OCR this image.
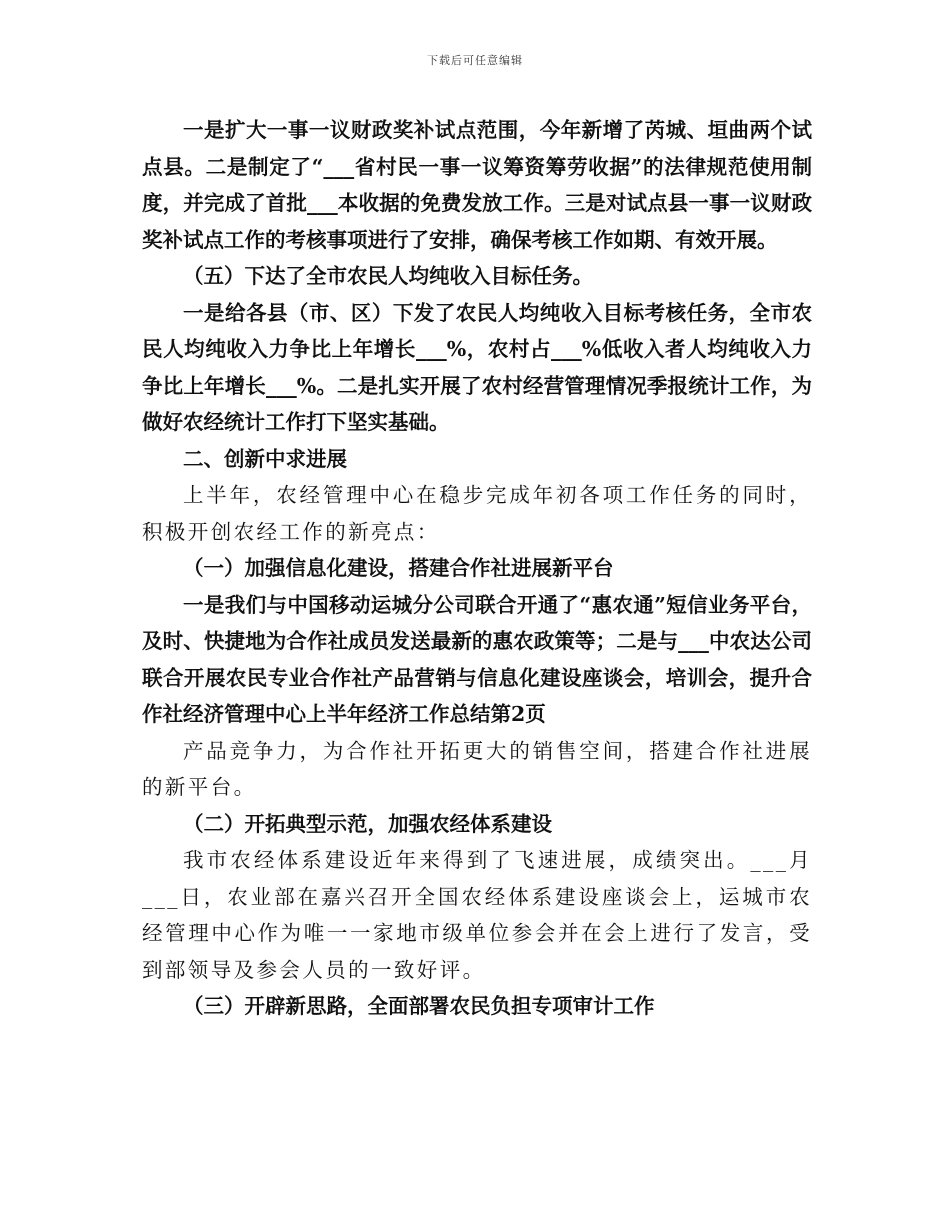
下载后可任意编辑

一是扩大一事一议财政奖补试点范围，今年新增了芮城、垣曲两个试点县。二是制定了“___省村民一事一议筹资筹劳收据”的法律规范使用制度，并完成了首批___本收据的免费发放工作。三是对试点县一事一议财政奖补试点工作的考核事项进行了安排，确保考核工作如期、有效开展。

（五）下达了全市农民人均纯收入目标任务。

一是给各县（市、区）下发了农民人均纯收入目标考核任务，全市农民人均纯收入力争比上年增长___%，农村占___%低收入者人均纯收入力争比上年增长___%。二是扎实开展了农村经营管理情况季报统计工作，为做好农经统计工作打下坚实基础。

二、创新中求进展

上半年，农经管理中心在稳步完成年初各项工作任务的同时，积极开创农经工作的新亮点：

（一）加强信息化建设，搭建合作社进展新平台

一是我们与中国移动运城分公司联合开通了“惠农通”短信业务平台，及时、快捷地为合作社成员发送最新的惠农政策等；二是与___中农达公司联合开展农民专业合作社产品营销与信息化建设座谈会，培训会，提升合作社经济管理中心上半年经济工作总结第2页

产品竞争力，为合作社开拓更大的销售空间，搭建合作社进展的新平台。

（二）开拓典型示范，加强农经体系建设

我市农经体系建设近年来得到了飞速进展，成绩突出。___月___日，农业部在嘉兴召开全国农经体系建设座谈会上，运城市农经管理中心作为唯一一家地市级单位参会并在会上进行了发言，受到部领导及参会人员的一致好评。

（三）开辟新思路，全面部署农民负担专项审计工作
